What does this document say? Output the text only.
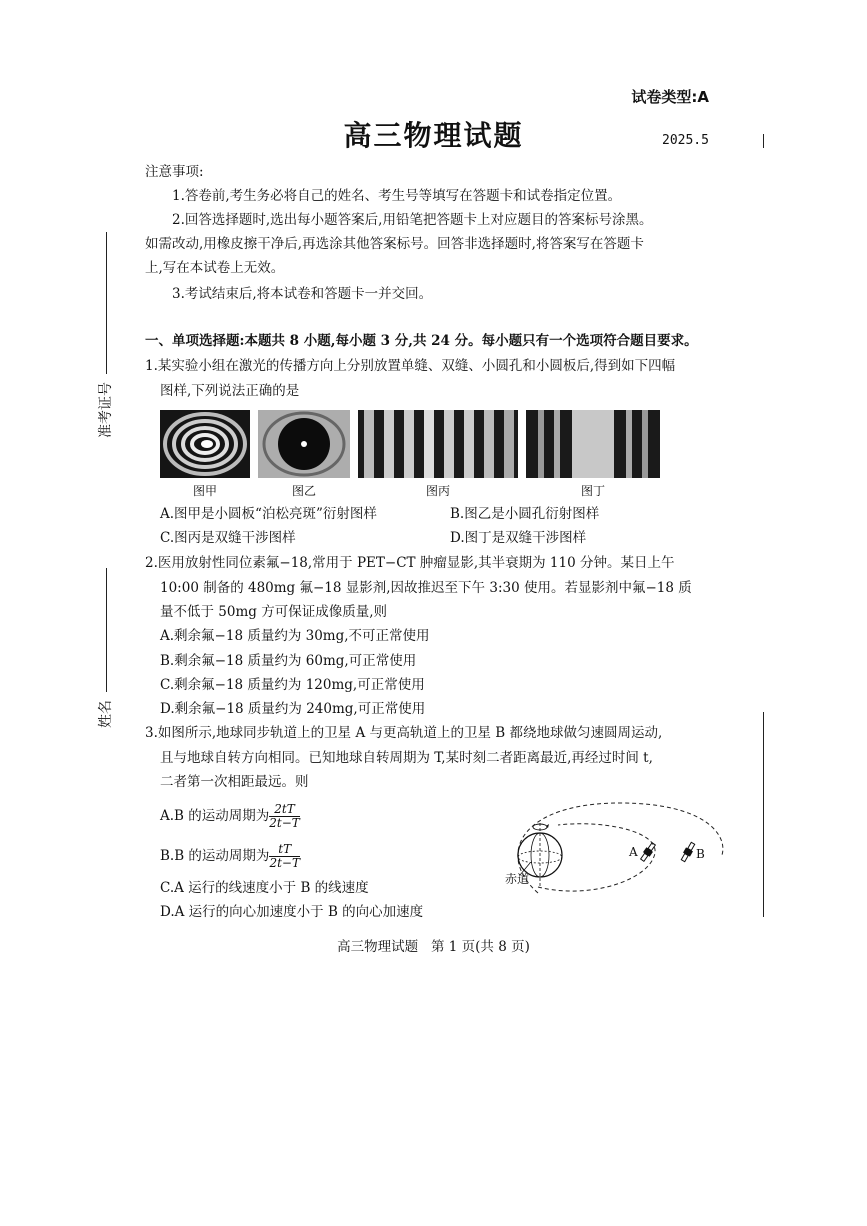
试卷类型:A
高三物理试题	2025.5
准考证号
姓名
注意事项:
1.答卷前,考生务必将自己的姓名、考生号等填写在答题卡和试卷指定位置。
2.回答选择题时,选出每小题答案后,用铅笔把答题卡上对应题目的答案标号涂黑。
如需改动,用橡皮擦干净后,再选涂其他答案标号。回答非选择题时,将答案写在答题卡
上,写在本试卷上无效。
3.考试结束后,将本试卷和答题卡一并交回。
一、单项选择题:本题共 8 小题,每小题 3 分,共 24 分。每小题只有一个选项符合题目要求。
1.某实验小组在激光的传播方向上分别放置单缝、双缝、小圆孔和小圆板后,得到如下四幅
图样,下列说法正确的是
图甲	图乙	图丙	图丁
A.图甲是小圆板“泊松亮斑”衍射图样	B.图乙是小圆孔衍射图样
C.图丙是双缝干涉图样	D.图丁是双缝干涉图样
2.医用放射性同位素氟−18,常用于 PET−CT 肿瘤显影,其半衰期为 110 分钟。某日上午
10:00 制备的 480mg 氟−18 显影剂,因故推迟至下午 3:30 使用。若显影剂中氟−18 质
量不低于 50mg 方可保证成像质量,则
A.剩余氟−18 质量约为 30mg,不可正常使用
B.剩余氟−18 质量约为 60mg,可正常使用
C.剩余氟−18 质量约为 120mg,可正常使用
D.剩余氟−18 质量约为 240mg,可正常使用
3.如图所示,地球同步轨道上的卫星 A 与更高轨道上的卫星 B 都绕地球做匀速圆周运动,
且与地球自转方向相同。已知地球自转周期为 T,某时刻二者距离最近,再经过时间 t,
二者第一次相距最远。则
A.B 的运动周期为 $\frac{2tT}{2t-T}$
B.B 的运动周期为 $\frac{tT}{2t-T}$
C.A 运行的线速度小于 B 的线速度
D.A 运行的向心加速度小于 B 的向心加速度
赤道
A	B
高三物理试题   第 1 页(共 8 页)
